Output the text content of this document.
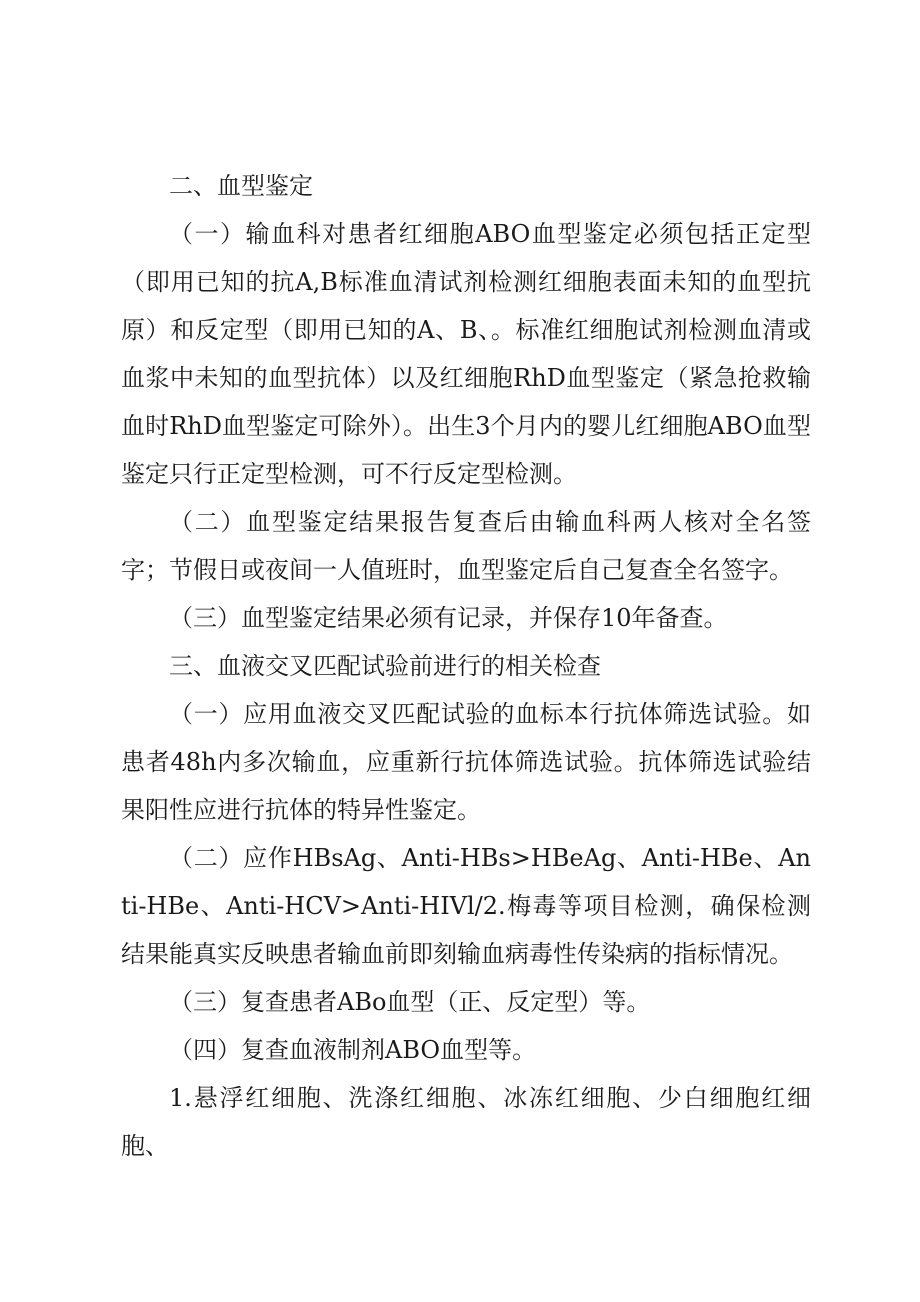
二、血型鉴定

（一）输血科对患者红细胞ABO血型鉴定必须包括正定型（即用已知的抗A,B标准血清试剂检测红细胞表面未知的血型抗原）和反定型（即用已知的A、B、。标准红细胞试剂检测血清或血浆中未知的血型抗体）以及红细胞RhD血型鉴定（紧急抢救输血时RhD血型鉴定可除外）。出生3个月内的婴儿红细胞ABO血型鉴定只行正定型检测，可不行反定型检测。

（二）血型鉴定结果报告复查后由输血科两人核对全名签字；节假日或夜间一人值班时，血型鉴定后自己复查全名签字。

（三）血型鉴定结果必须有记录，并保存10年备查。

三、血液交叉匹配试验前进行的相关检查

（一）应用血液交叉匹配试验的血标本行抗体筛选试验。如患者48h内多次输血，应重新行抗体筛选试验。抗体筛选试验结果阳性应进行抗体的特异性鉴定。

（二）应作HBsAg、Anti-HBs>HBeAg、Anti-HBe、Anti-HBe、Anti-HCV>Anti-HIVl/2.梅毒等项目检测，确保检测结果能真实反映患者输血前即刻输血病毒性传染病的指标情况。

（三）复查患者ABo血型（正、反定型）等。

（四）复查血液制剂ABO血型等。

1.悬浮红细胞、洗涤红细胞、冰冻红细胞、少白细胞红细胞、
